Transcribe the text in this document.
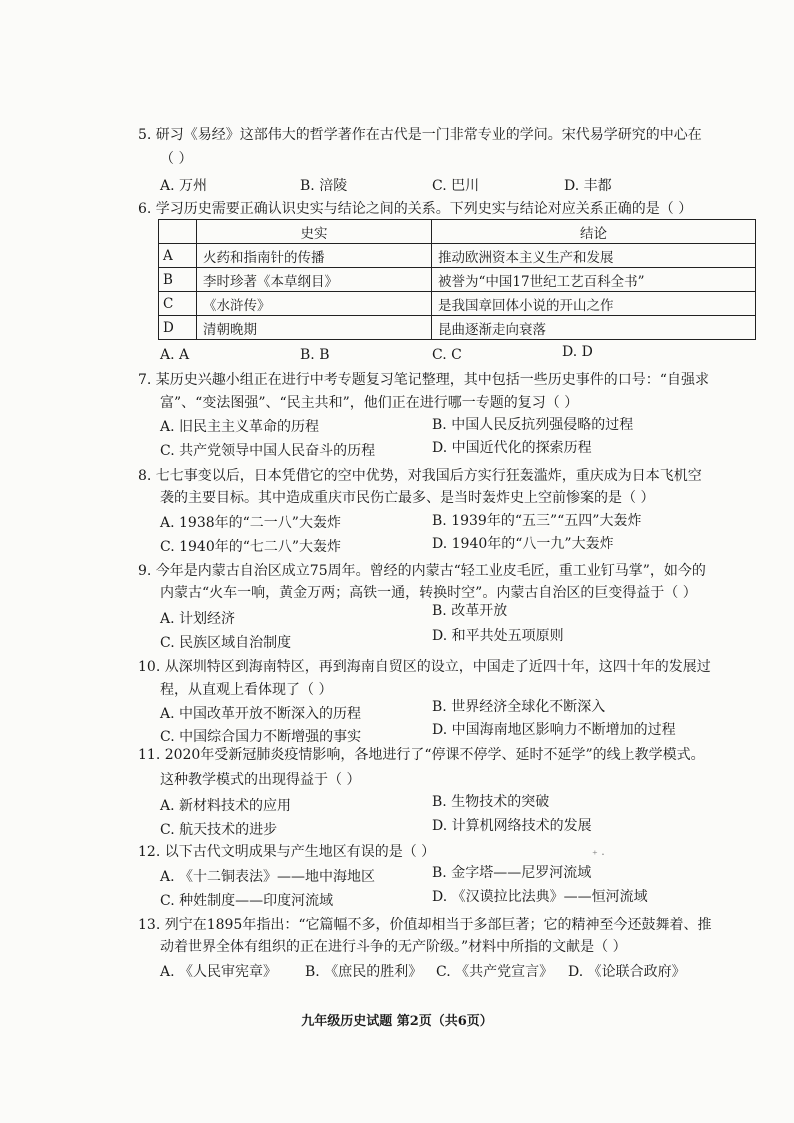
5. 研习《易经》这部伟大的哲学著作在古代是一门非常专业的学问。宋代易学研究的中心在
（ ）
A. 万州	B. 涪陵	C. 巴川	D. 丰都
6. 学习历史需要正确认识史实与结论之间的关系。下列史实与结论对应关系正确的是（ ）
	史实	结论
A	火药和指南针的传播	推动欧洲资本主义生产和发展
B	李时珍著《本草纲目》	被誉为“中国17世纪工艺百科全书”
C	《水浒传》	是我国章回体小说的开山之作
D	清朝晚期	昆曲逐渐走向衰落
A. A	B. B	C. C	D. D
7. 某历史兴趣小组正在进行中考专题复习笔记整理，其中包括一些历史事件的口号：“自强求
富”、“变法图强”、“民主共和”，他们正在进行哪一专题的复习（ ）
A. 旧民主主义革命的历程	B. 中国人民反抗列强侵略的过程
C. 共产党领导中国人民奋斗的历程	D. 中国近代化的探索历程
8. 七七事变以后，日本凭借它的空中优势，对我国后方实行狂轰滥炸，重庆成为日本飞机空
袭的主要目标。其中造成重庆市民伤亡最多、是当时轰炸史上空前惨案的是（ ）
A. 1938年的“二一八”大轰炸	B. 1939年的“五三”“五四”大轰炸
C. 1940年的“七二八”大轰炸	D. 1940年的“八一九”大轰炸
9. 今年是内蒙古自治区成立75周年。曾经的内蒙古“轻工业皮毛匠，重工业钉马掌”，如今的
内蒙古“火车一响，黄金万两；高铁一通，转换时空”。内蒙古自治区的巨变得益于（ ）
A. 计划经济	B. 改革开放
C. 民族区域自治制度	D. 和平共处五项原则
10. 从深圳特区到海南特区，再到海南自贸区的设立，中国走了近四十年，这四十年的发展过
程，从直观上看体现了（ ）
A. 中国改革开放不断深入的历程	B. 世界经济全球化不断深入
C. 中国综合国力不断增强的事实	D. 中国海南地区影响力不断增加的过程
11. 2020年受新冠肺炎疫情影响，各地进行了“停课不停学、延时不延学”的线上教学模式。
这种教学模式的出现得益于（ ）
A. 新材料技术的应用	B. 生物技术的突破
C. 航天技术的进步	D. 计算机网络技术的发展
12. 以下古代文明成果与产生地区有误的是（ ）	⁺ ·
A. 《十二铜表法》——地中海地区	B. 金字塔——尼罗河流域
C. 种姓制度——印度河流域	D. 《汉谟拉比法典》——恒河流域
13. 列宁在1895年指出：“它篇幅不多，价值却相当于多部巨著；它的精神至今还鼓舞着、推
动着世界全体有组织的正在进行斗争的无产阶级。”材料中所指的文献是（ ）
A. 《人民审宪章》 B. 《庶民的胜利》 C. 《共产党宣言》 D. 《论联合政府》
九年级历史试题 第2页（共6页）
